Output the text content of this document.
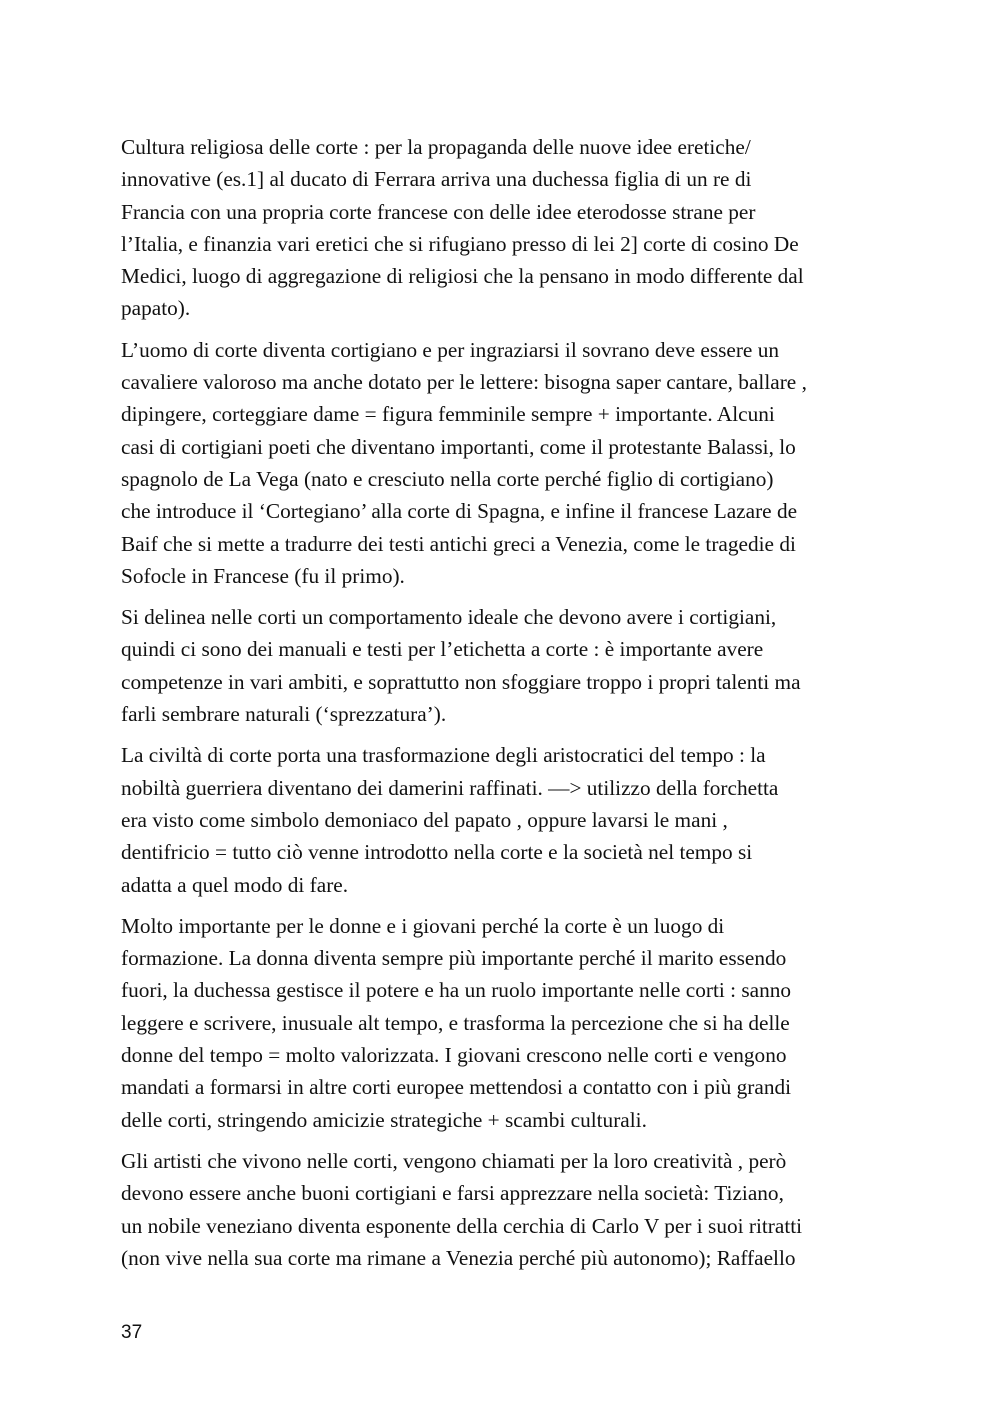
Cultura religiosa delle corte : per la propaganda delle nuove idee eretiche/
innovative (es.1] al ducato di Ferrara arriva una duchessa figlia di un re di
Francia con una propria corte francese con delle idee eterodosse strane per
l’Italia, e finanzia vari eretici che si rifugiano presso di lei 2] corte di cosino De
Medici, luogo di aggregazione di religiosi che la pensano in modo differente dal
papato).

L’uomo di corte diventa cortigiano e per ingraziarsi il sovrano deve essere un
cavaliere valoroso ma anche dotato per le lettere: bisogna saper cantare, ballare ,
dipingere, corteggiare dame = figura femminile sempre + importante. Alcuni
casi di cortigiani poeti che diventano importanti, come il protestante Balassi, lo
spagnolo de La Vega (nato e cresciuto nella corte perché figlio di cortigiano)
che introduce il ‘Cortegiano’ alla corte di Spagna, e infine il francese Lazare de
Baif che si mette a tradurre dei testi antichi greci a Venezia, come le tragedie di
Sofocle in Francese (fu il primo).

Si delinea nelle corti un comportamento ideale che devono avere i cortigiani,
quindi ci sono dei manuali e testi per l’etichetta a corte : è importante avere
competenze in vari ambiti, e soprattutto non sfoggiare troppo i propri talenti ma
farli sembrare naturali (‘sprezzatura’).

La civiltà di corte porta una trasformazione degli aristocratici del tempo : la
nobiltà guerriera diventano dei damerini raffinati. —> utilizzo della forchetta
era visto come simbolo demoniaco del papato , oppure lavarsi le mani ,
dentifricio = tutto ciò venne introdotto nella corte e la società nel tempo si
adatta a quel modo di fare.

Molto importante per le donne e i giovani perché la corte è un luogo di
formazione. La donna diventa sempre più importante perché il marito essendo
fuori, la duchessa gestisce il potere e ha un ruolo importante nelle corti : sanno
leggere e scrivere, inusuale alt tempo, e trasforma la percezione che si ha delle
donne del tempo = molto valorizzata. I giovani crescono nelle corti e vengono
mandati a formarsi in altre corti europee mettendosi a contatto con i più grandi
delle corti, stringendo amicizie strategiche + scambi culturali.

Gli artisti che vivono nelle corti, vengono chiamati per la loro creatività , però
devono essere anche buoni cortigiani e farsi apprezzare nella società: Tiziano,
un nobile veneziano diventa esponente della cerchia di Carlo V per i suoi ritratti
(non vive nella sua corte ma rimane a Venezia perché più autonomo); Raffaello

37
